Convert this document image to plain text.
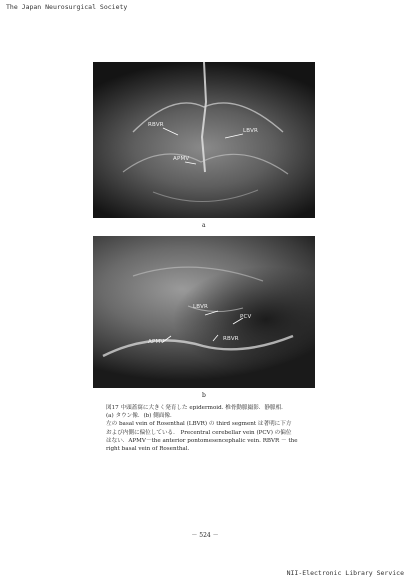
The Japan Neurosurgical Society
RBVR
LBVR
APMV
a
LBVR
PCV
APMV	RBVR
b

図17 中頭蓋窩に大きく発育した epidermoid. 椎骨動脈撮影．静脈相．

(a) タウン像．(b) 側面像．

左の basal vein of Rosenthal (LBVR) の third segment は著明に下方

および内側に偏位している． Precentral cerebellar vein (PCV) の偏位

はない．APMV－the anterior pontomesencephalic vein. RBVR － the

right basal vein of Rosenthal.

－ 524 －
NII-Electronic Library Service
